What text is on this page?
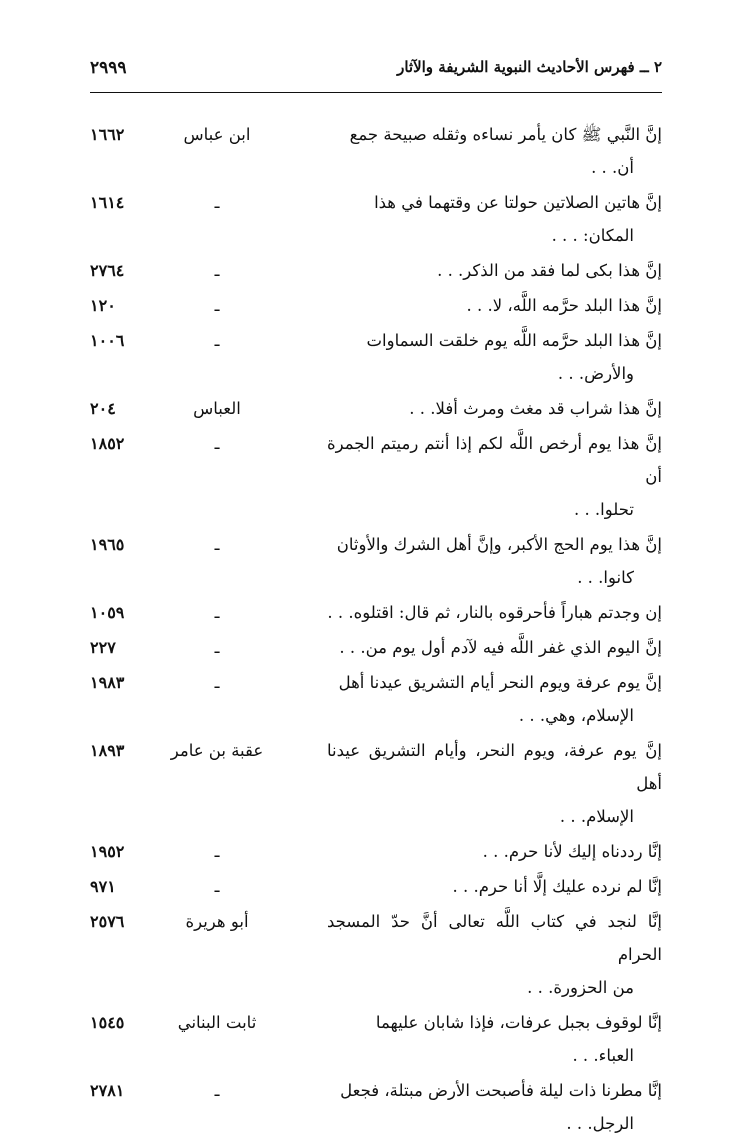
٢ ــ فهرس الأحاديث النبوية الشريفة والآثار
٢٩٩٩
إنَّ النَّبي ﷺ كان يأمر نساءه وثقله صبيحة جمع
أن. . .
ابن عباس
١٦٦٢
إنَّ هاتين الصلاتين حولتا عن وقتهما في هذا
المكان: . . .
ـ
١٦١٤
إنَّ هذا بكى لما فقد من الذكر. . .
ـ
٢٧٦٤
إنَّ هذا البلد حرَّمه اللَّه، لا. . .
ـ
١٢٠
إنَّ هذا البلد حرَّمه اللَّه يوم خلقت السماوات
والأرض. . .
ـ
١٠٠٦
إنَّ هذا شراب قد مغث ومرث أفلا. . .
العباس
٢٠٤
إنَّ هذا يوم أرخص اللَّه لكم إذا أنتم رميتم الجمرة أن
تحلوا. . .
ـ
١٨٥٢
إنَّ هذا يوم الحج الأكبر، وإنَّ أهل الشرك والأوثان
كانوا. . .
ـ
١٩٦٥
إن وجدتم هباراً فأحرقوه بالنار، ثم قال: اقتلوه. . .
ـ
١٠٥٩
إنَّ اليوم الذي غفر اللَّه فيه لآدم أول يوم من. . .
ـ
٢٢٧
إنَّ يوم عرفة ويوم النحر أيام التشريق عيدنا أهل
الإسلام، وهي. . .
ـ
١٩٨٣
إنَّ يوم عرفة، ويوم النحر، وأيام التشريق عيدنا أهل
الإسلام. . .
عقبة بن عامر
١٨٩٣
إنَّا رددناه إليك لأنا حرم. . .
ـ
١٩٥٢
إنَّا لم نرده عليك إلَّا أنا حرم. . .
ـ
٩٧١
إنَّا لنجد في كتاب اللَّه تعالى أنَّ حدّ المسجد الحرام
من الحزورة. . .
أبو هريرة
٢٥٧٦
إنَّا لوقوف بجبل عرفات، فإذا شابان عليهما
العباء. . .
ثابت البناني
١٥٤٥
إنَّا مطرنا ذات ليلة فأصبحت الأرض مبتلة، فجعل
الرجل. . .
ـ
٢٧٨١
